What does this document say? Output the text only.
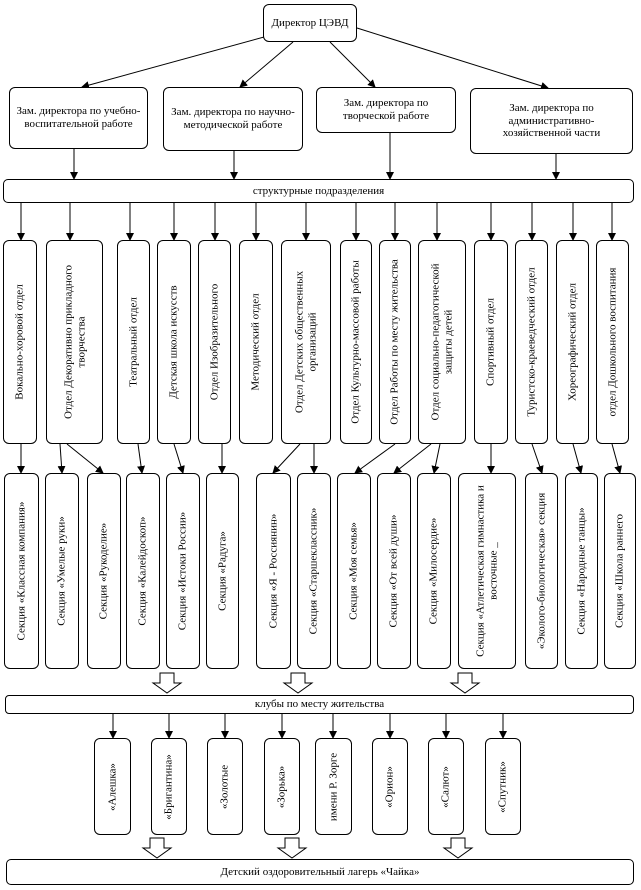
Директор ЦЭВД
Зам. директора по учебно-воспитательной работе
Зам. директора по научно-методической работе
Зам. директора по творческой работе
Зам. директора по административно-хозяйственной части
структурные подразделения
Вокально-хоровой отдел	Отдел Декоративно прикладного творчества	Театральный отдел	Детская школа искусств	Отдел Изобразительного	Методический отдел	Отдел Детских общественных организаций	Отдел Культурно-массовой работы Отдел Работы по месту жительства	Отдел социально-педагогической защиты детей	Спортивный отдел	Туристско-краеведческий отдел	Хореографический отдел	отдел Дошкольного воспитания
Секция «Классная компания»	Секция «Умелые руки»	Секция «Рукоделие» Секция «Калейдоскоп»	Секция «Истоки России»	Секция «Радуга»	Секция «Я - Россиянин»	Секция «Старшеклассник»	Секция «Моя семья»	Секция «От всей души»	Секция «Милосердие»	Секция «Атлетическая гимнастика и восточные _	«Эколого-биологическая» секция	Секция «Народные танцы» Секция «Школа раннего
клубы по месту жительства
«Алешка»	«Бригантина»	«Золотые	«Зорька»	имени Р. Зорге	«Орион»	«Салют»	«Спутник»
Детский оздоровительный лагерь «Чайка»
